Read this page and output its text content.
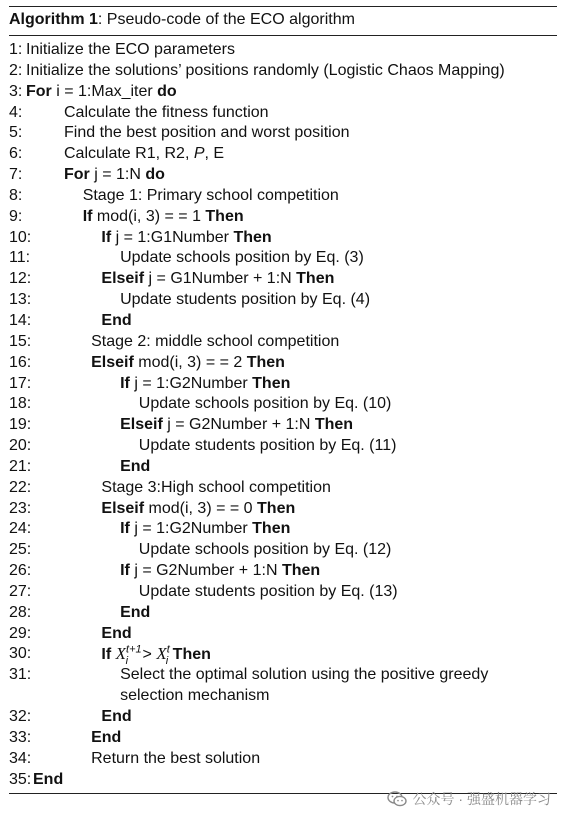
Algorithm 1: Pseudo-code of the ECO algorithm
1: Initialize the ECO parameters
2: Initialize the solutions’ positions randomly (Logistic Chaos Mapping)
3: For i = 1:Max_iter do
4:	Calculate the fitness function
5:	Find the best position and worst position
6:	Calculate R1, R2, P, E
7:	For j = 1:N do
8:	Stage 1: Primary school competition
9:	If mod(i, 3) = = 1 Then
10:	If j = 1:G1Number Then
11:	Update schools position by Eq. (3)
12:	Elseif j = G1Number + 1:N Then
13:	Update students position by Eq. (4)
14:	End
15:	Stage 2: middle school competition
16:	Elseif mod(i, 3) = = 2 Then
17:	If j = 1:G2Number Then
18:	Update schools position by Eq. (10)
19:	Elseif j = G2Number + 1:N Then
20:	Update students position by Eq. (11)
21:	End
22:	Stage 3:High school competition
23:	Elseif mod(i, 3) = = 0 Then
24:	If j = 1:G2Number Then
25:	Update schools position by Eq. (12)
26:	If j = G2Number + 1:N Then
27:	Update students position by Eq. (13)
28:	End
29:	End
30:	If $X^{t+1}_i > X^t_i$ Then
31:	Select the optimal solution using the positive greedy
selection mechanism
32:	End
33:	End
34:	Return the best solution
35: End
公众号 · 强盛机器学习
